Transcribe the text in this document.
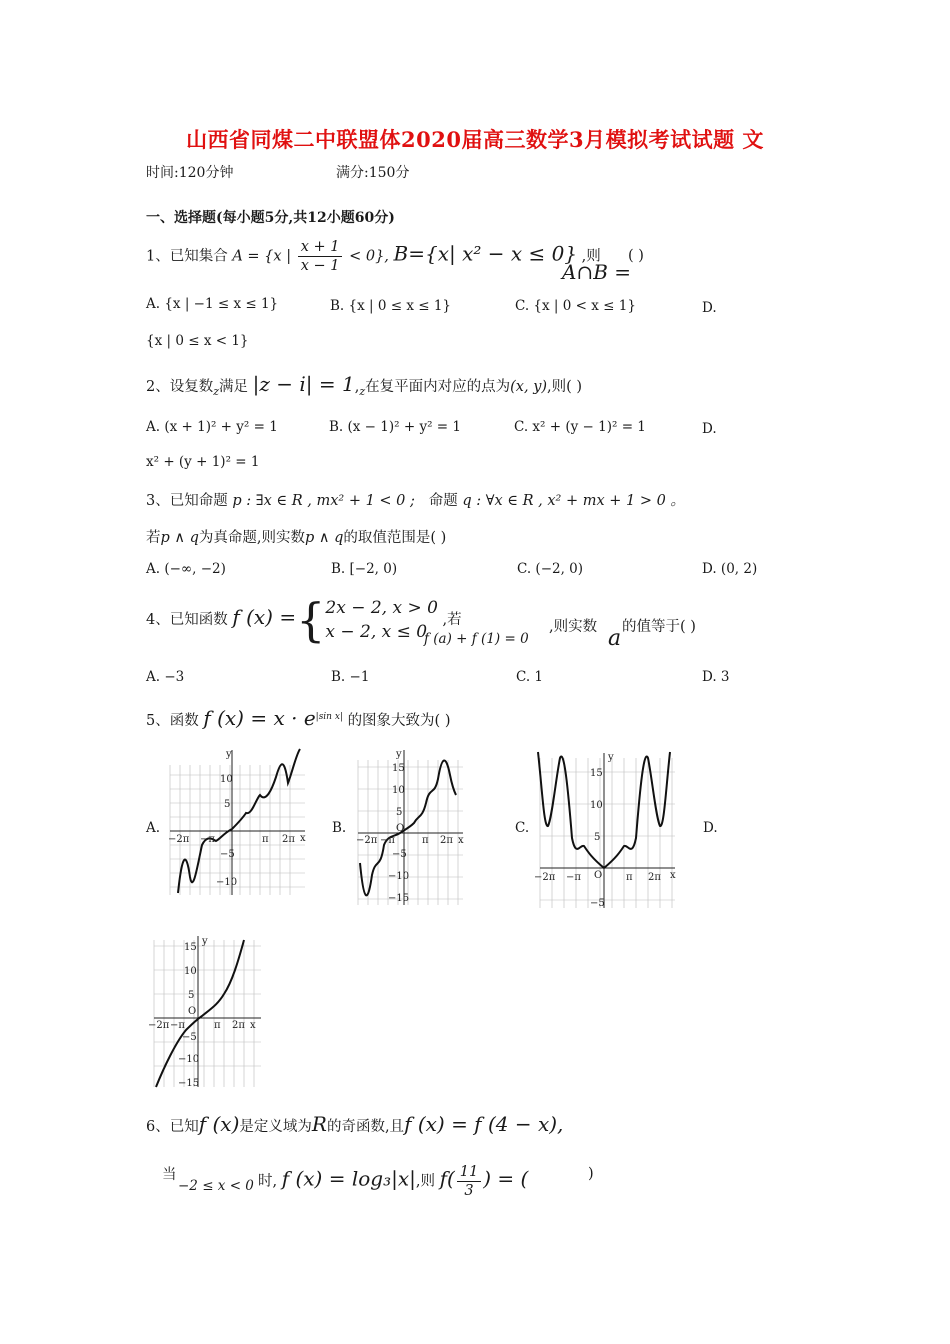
山西省同煤二中联盟体2020届高三数学3月模拟考试试题 文
时间:120分钟	满分:150分
一、选择题(每小题5分,共12小题60分)
1、已知集合 A = {x | $\frac{x + 1}{x - 1} < 0$}, B={x| x² − x ≤ 0} ,则
A∩B =
( )
A. {x | −1 ≤ x ≤ 1}	B. {x | 0 ≤ x ≤ 1}	C. {x | 0 < x ≤ 1}	D.
{x | 0 ≤ x < 1}
2、设复数$_z$满足 $|z - i| = 1,_z$在复平面内对应的点为(x, y),则( )
A. (x + 1)² + y² = 1	B. (x − 1)² + y² = 1	C. x² + (y − 1)² = 1	D.
x² + (y + 1)² = 1
3、已知命题 p : ∃x ∈ R , mx² + 1 < 0 ; 命题 q : ∀x ∈ R , x² + mx + 1 > 0 。
若p ∧ q为真命题,则实数p ∧ q的取值范围是( )
A. (−∞, −2)	B. [−2, 0)	C. (−2, 0)	D. (0, 2)
4、已知函数 f (x) ={ 2x − 2, x > 0
x − 2, x ≤ 0
,若
f (a) + f (1) = 0
,则实数 a 的值等于( )
A. −3	B. −1	C. 1	D. 3
5、函数 f $(x) = x \cdot e^{|sin x|}$ 的图象大致为( )
A.	B.	C.	D.
y
x
10
5
−5
−10
−2π −π	π 2π
y
x
15
10
5
O
−5
−10
−15
−2π −π	π 2π
y
x
15
10
5
O
−5
−2π −π	π 2π
y
x
15
10
5
O
−5
−10
−15
−2π −π	π 2π
6、已知f (x)是定义域为R的奇函数,且f (x) = f (4 − x),
当
−2 ≤ x < 0 时, f (x) = log₃|x|,则 $f( \frac{11}{3}$ ) = (	)
